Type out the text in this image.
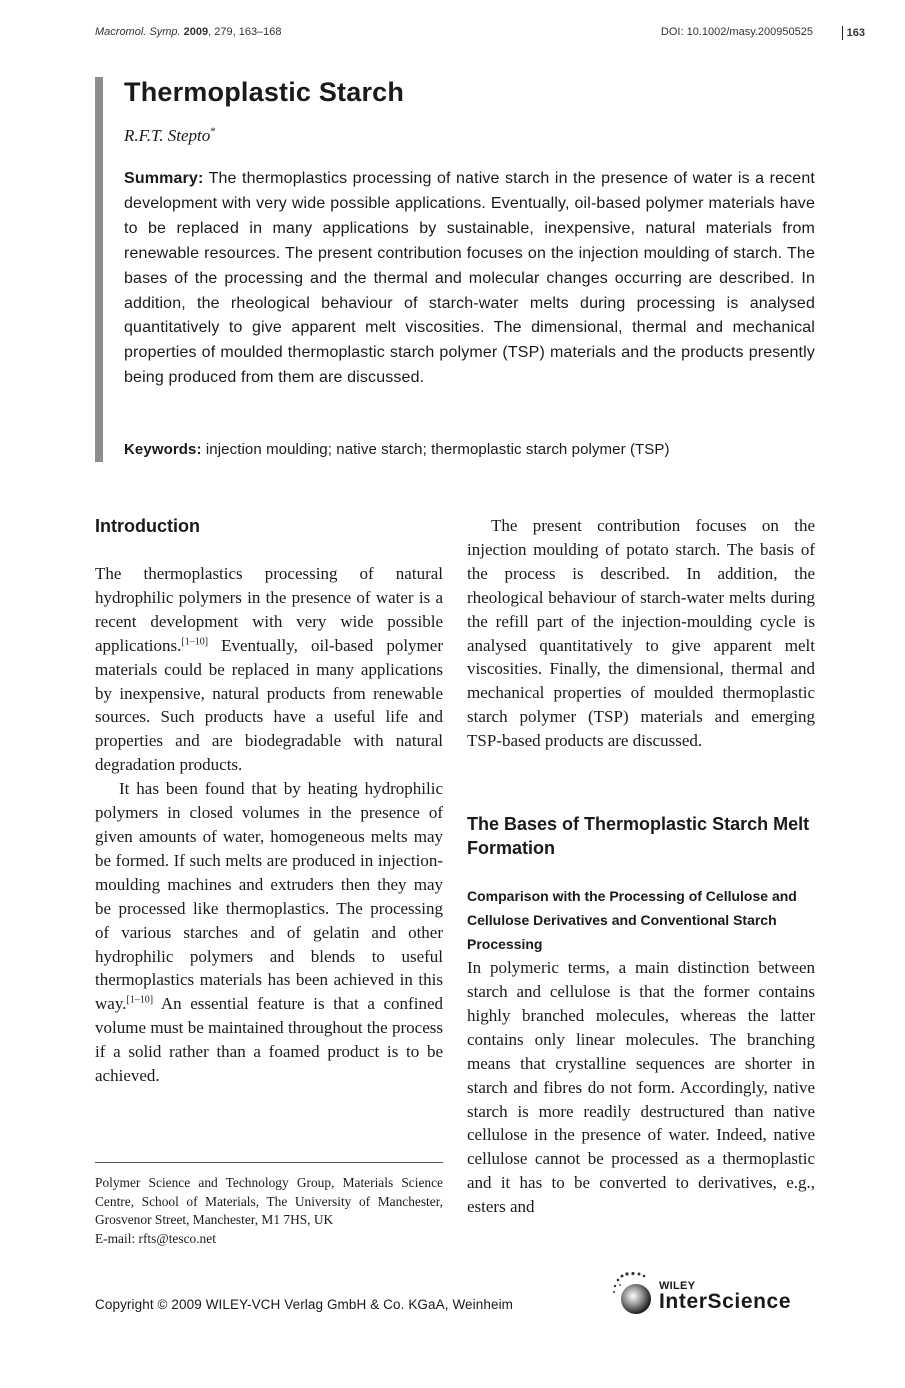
Macromol. Symp. 2009, 279, 163–168	DOI: 10.1002/masy.200950525	163
Thermoplastic Starch
R.F.T. Stepto*
Summary: The thermoplastics processing of native starch in the presence of water is a recent development with very wide possible applications. Eventually, oil-based polymer materials have to be replaced in many applications by sustainable, inexpensive, natural materials from renewable resources. The present contribution focuses on the injection moulding of starch. The bases of the processing and the thermal and molecular changes occurring are described. In addition, the rheological behaviour of starch-water melts during processing is analysed quantitatively to give apparent melt viscosities. The dimensional, thermal and mechanical properties of moulded thermoplastic starch polymer (TSP) materials and the products presently being produced from them are discussed.
Keywords: injection moulding; native starch; thermoplastic starch polymer (TSP)
Introduction

The thermoplastics processing of natural hydrophilic polymers in the presence of water is a recent development with very wide possible applications.[1–10] Eventually, oil-based polymer materials could be replaced in many applications by inexpensive, natural products from renewable sources. Such products have a useful life and properties and are biodegradable with natural degradation products.

It has been found that by heating hydrophilic polymers in closed volumes in the presence of given amounts of water, homogeneous melts may be formed. If such melts are produced in injection-moulding machines and extruders then they may be processed like thermoplastics. The processing of various starches and of gelatin and other hydrophilic polymers and blends to useful thermoplastics materials has been achieved in this way.[1–10] An essential feature is that a confined volume must be maintained throughout the process if a solid rather than a foamed product is to be achieved.

Polymer Science and Technology Group, Materials Science Centre, School of Materials, The University of Manchester, Grosvenor Street, Manchester, M1 7HS, UK
E-mail: rfts@tesco.net

The present contribution focuses on the injection moulding of potato starch. The basis of the process is described. In addition, the rheological behaviour of starch-water melts during the refill part of the injection-moulding cycle is analysed quantitatively to give apparent melt viscosities. Finally, the dimensional, thermal and mechanical properties of moulded thermoplastic starch polymer (TSP) materials and emerging TSP-based products are discussed.

The Bases of Thermoplastic Starch Melt Formation
Comparison with the Processing of Cellulose and Cellulose Derivatives and Conventional Starch Processing

In polymeric terms, a main distinction between starch and cellulose is that the former contains highly branched molecules, whereas the latter contains only linear molecules. The branching means that crystalline sequences are shorter in starch and fibres do not form. Accordingly, native starch is more readily destructured than native cellulose in the presence of water. Indeed, native cellulose cannot be processed as a thermoplastic and it has to be converted to derivatives, e.g., esters and

Copyright © 2009 WILEY-VCH Verlag GmbH & Co. KGaA, Weinheim
WILEY
InterScience
